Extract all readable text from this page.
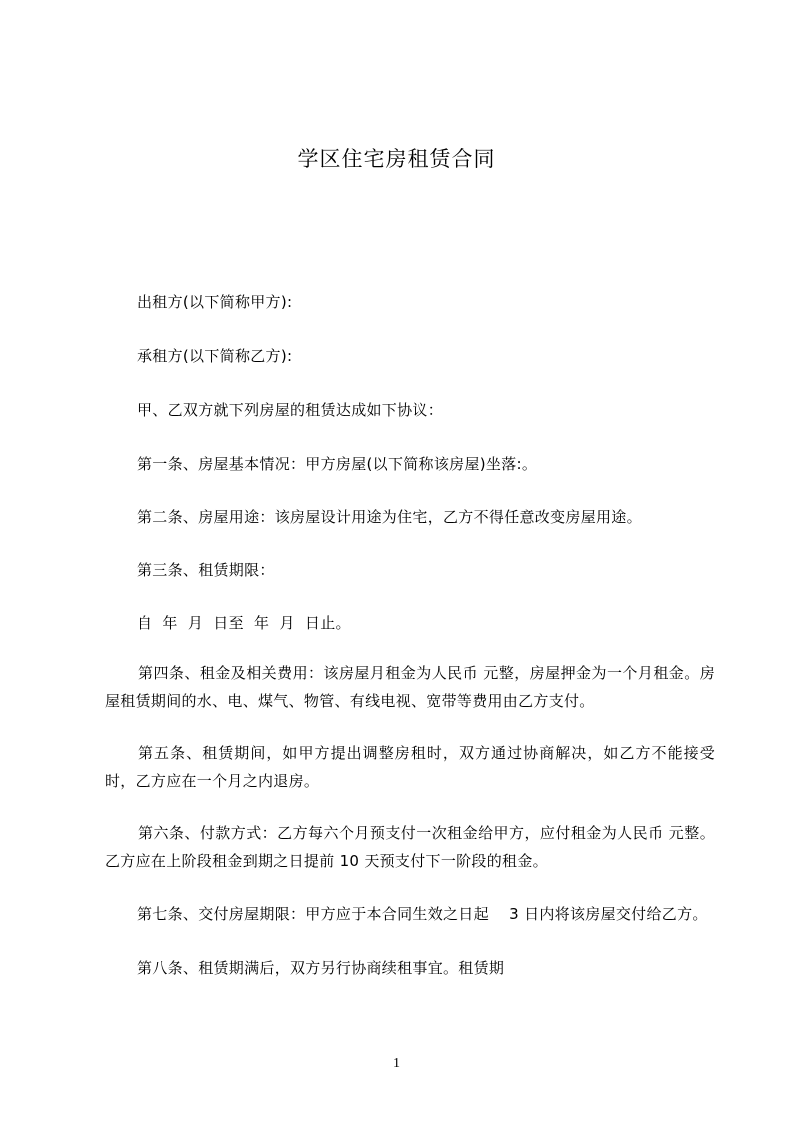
学区住宅房租赁合同
出租方(以下简称甲方):
承租方(以下简称乙方):
甲、乙双方就下列房屋的租赁达成如下协议：
第一条、房屋基本情况：甲方房屋(以下简称该房屋)坐落:。
第二条、房屋用途：该房屋设计用途为住宅，乙方不得任意改变房屋用途。
第三条、租赁期限：
自  年  月  日至  年  月  日止。
第四条、租金及相关费用：该房屋月租金为人民币 元整，房屋押金为一个月租金。房屋租赁期间的水、电、煤气、物管、有线电视、宽带等费用由乙方支付。
第五条、租赁期间，如甲方提出调整房租时，双方通过协商解决，如乙方不能接受时，乙方应在一个月之内退房。
第六条、付款方式：乙方每六个月预支付一次租金给甲方，应付租金为人民币 元整。乙方应在上阶段租金到期之日提前 10 天预支付下一阶段的租金。
第七条、交付房屋期限：甲方应于本合同生效之日起    3 日内将该房屋交付给乙方。
第八条、租赁期满后，双方另行协商续租事宜。租赁期
1
